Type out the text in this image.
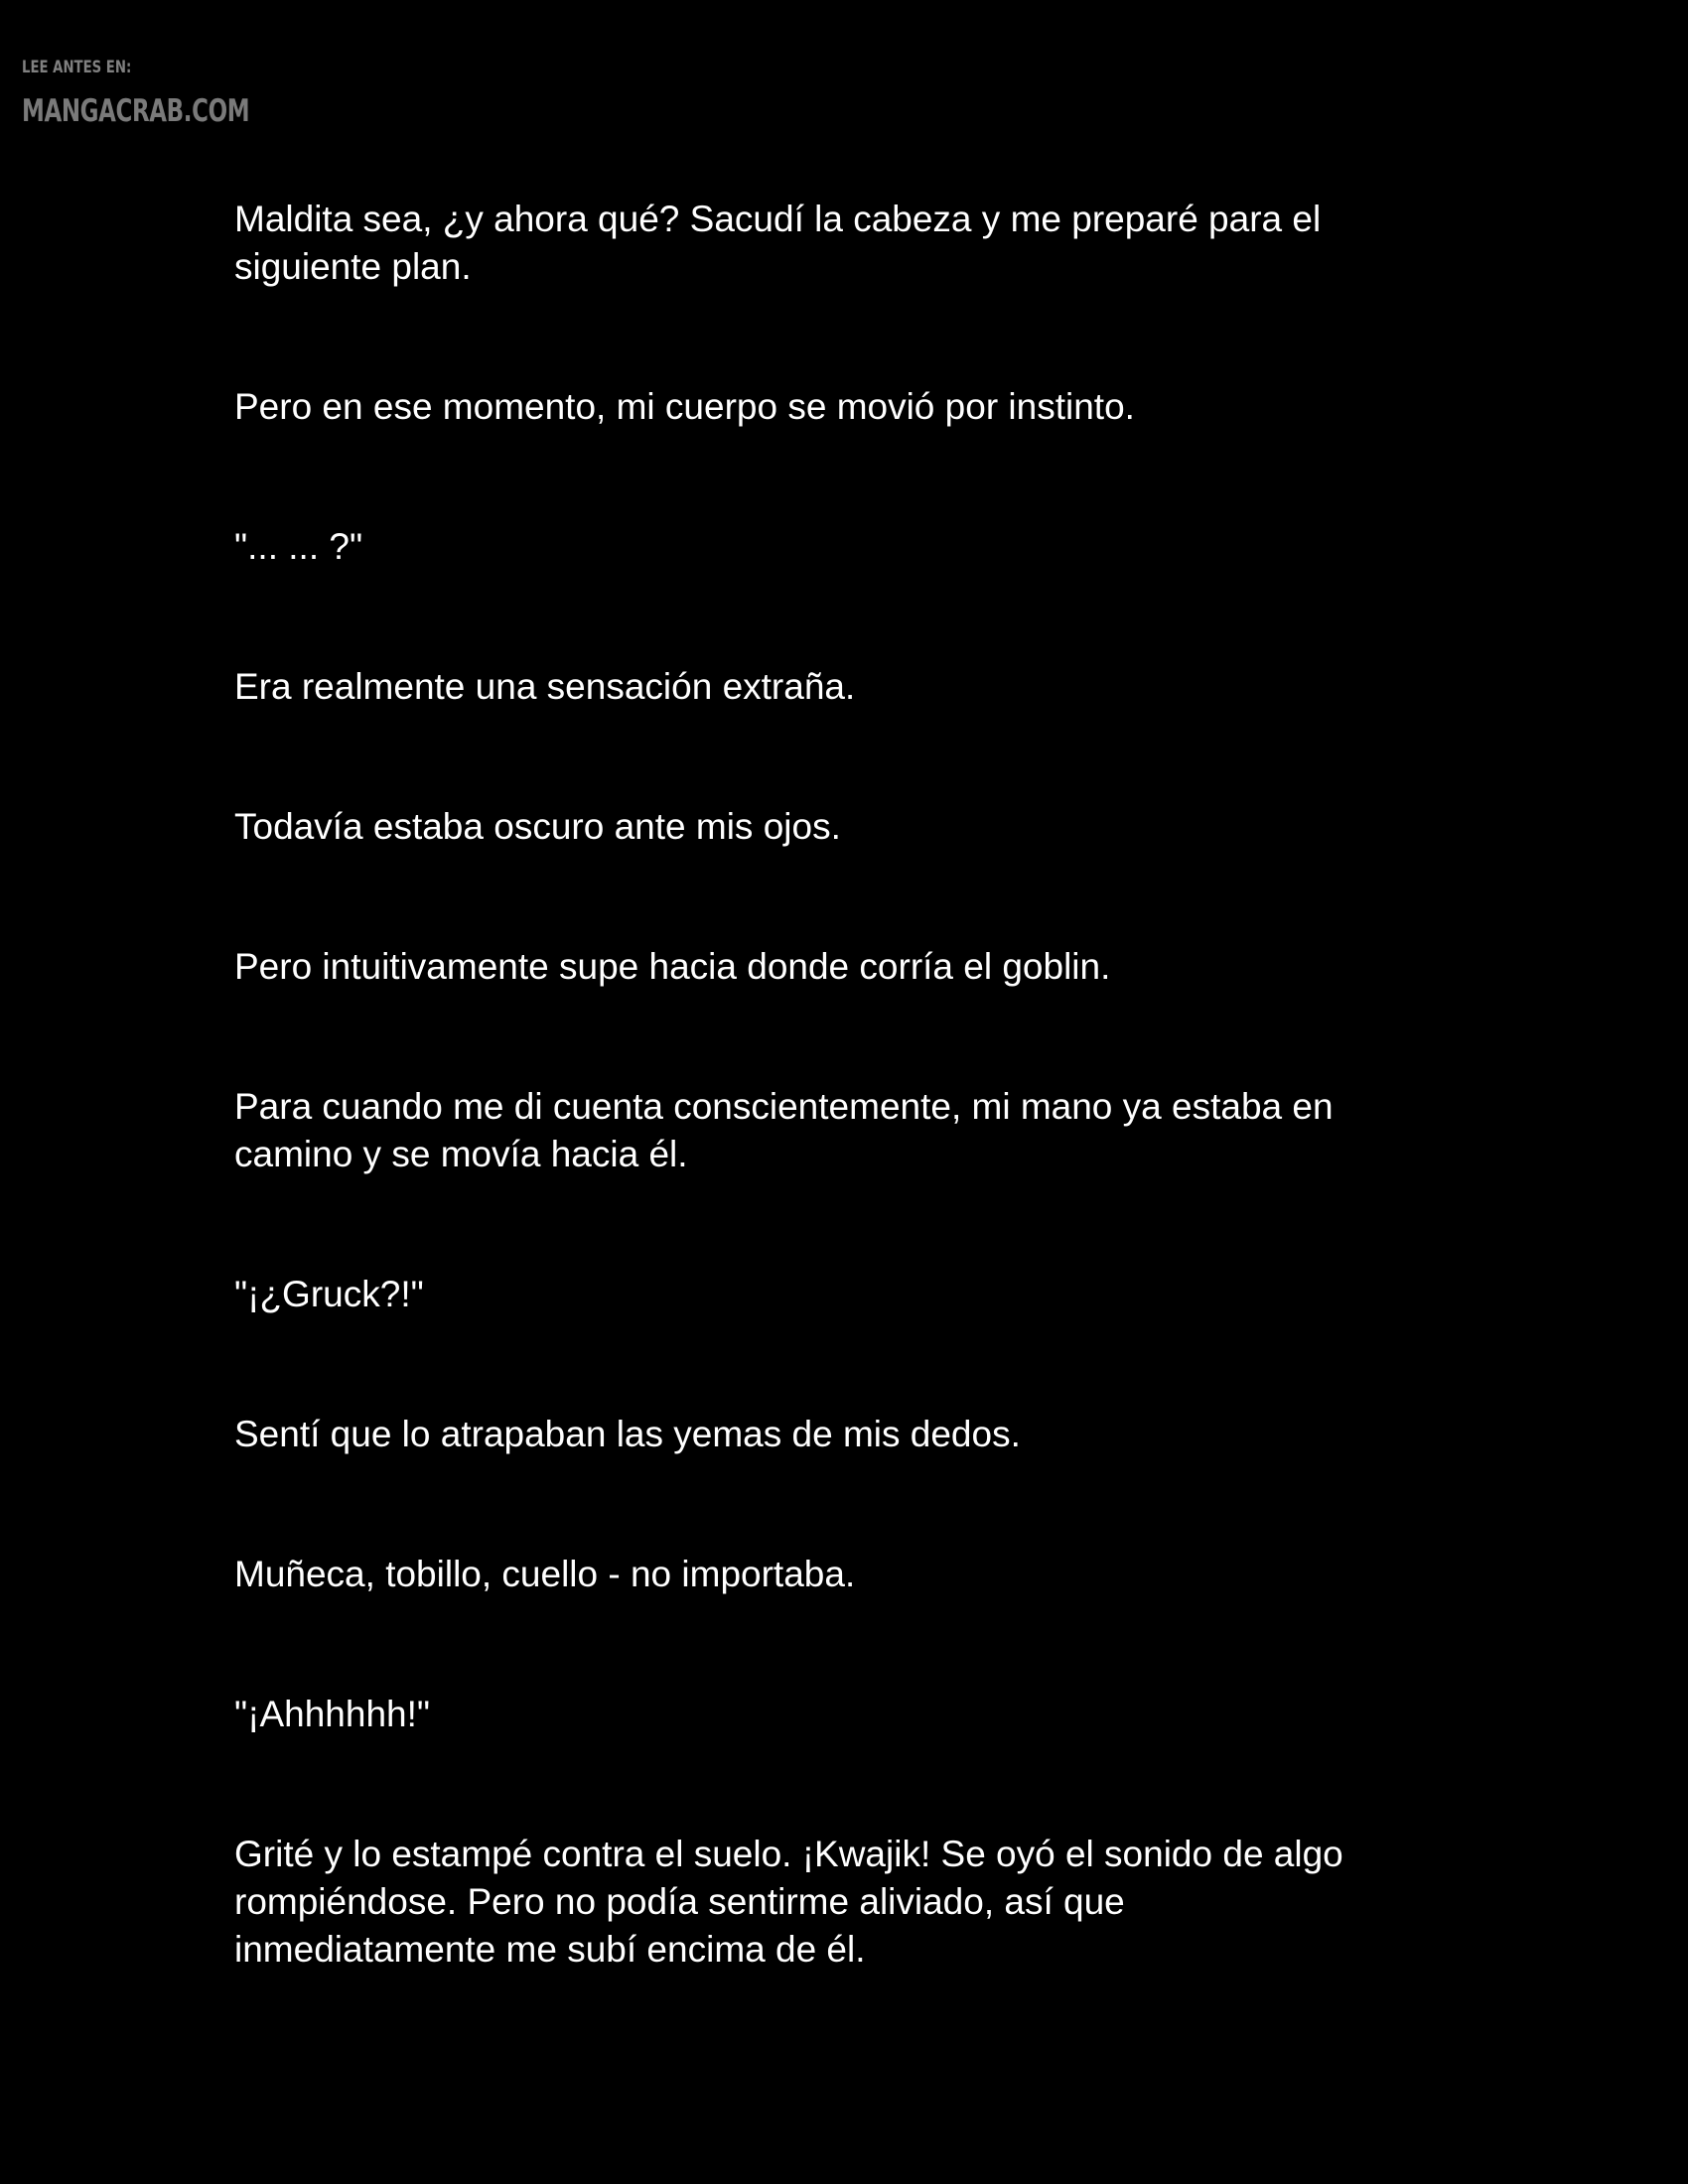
LEE ANTES EN:
MANGACRAB.COM

Maldita sea, ¿y ahora qué? Sacudí la cabeza y me preparé para el
siguiente plan.

Pero en ese momento, mi cuerpo se movió por instinto.

"... ... ?"

Era realmente una sensación extraña.

Todavía estaba oscuro ante mis ojos.

Pero intuitivamente supe hacia donde corría el goblin.

Para cuando me di cuenta conscientemente, mi mano ya estaba en
camino y se movía hacia él.

"¡¿Gruck?!"

Sentí que lo atrapaban las yemas de mis dedos.

Muñeca, tobillo, cuello - no importaba.

"¡Ahhhhhh!"

Grité y lo estampé contra el suelo. ¡Kwajik! Se oyó el sonido de algo
rompiéndose. Pero no podía sentirme aliviado, así que
inmediatamente me subí encima de él.
